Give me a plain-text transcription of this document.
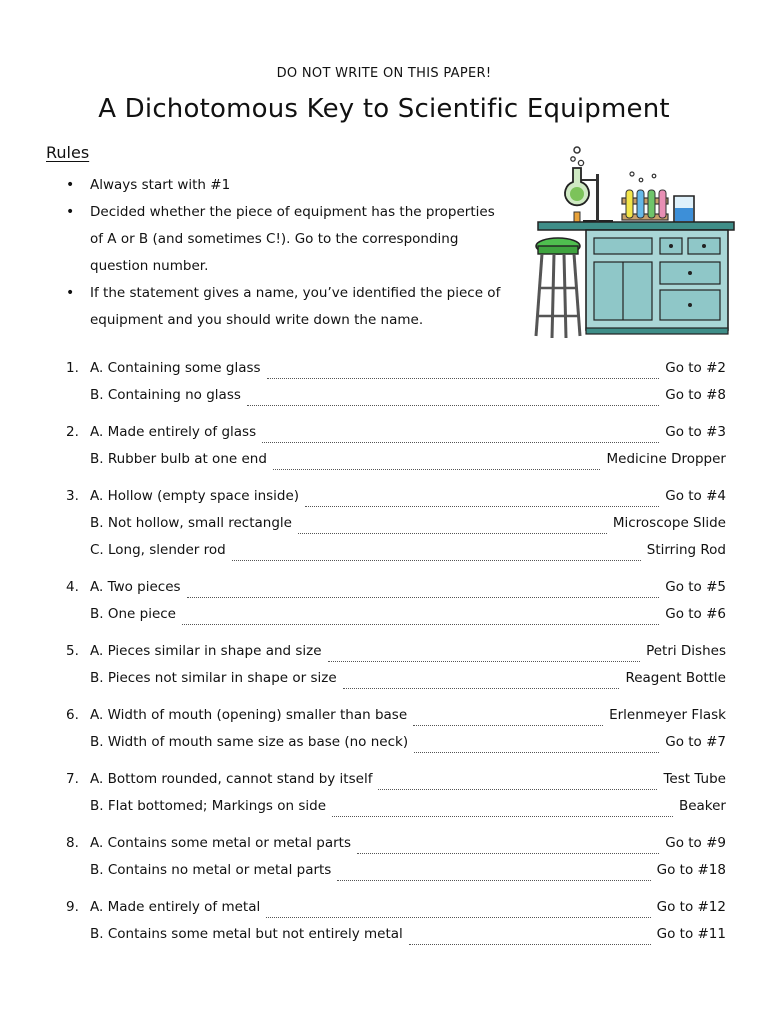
DO NOT WRITE ON THIS PAPER!
A Dichotomous Key to Scientific Equipment
Rules
• Always start with #1
• Decided whether the piece of equipment has the properties of A or B (and sometimes C!). Go to the corresponding question number.
• If the statement gives a name, you’ve identified the piece of equipment and you should write down the name.
1. A. Containing some glass	Go to #2
B. Containing no glass	Go to #8
2. A. Made entirely of glass	Go to #3
B. Rubber bulb at one end	Medicine Dropper
3. A. Hollow (empty space inside)	Go to #4
B. Not hollow, small rectangle	Microscope Slide
C. Long, slender rod	Stirring Rod
4. A. Two pieces	Go to #5
B. One piece	Go to #6
5. A. Pieces similar in shape and size	Petri Dishes
B. Pieces not similar in shape or size	Reagent Bottle
6. A. Width of mouth (opening) smaller than base	Erlenmeyer Flask
B. Width of mouth same size as base (no neck)	Go to #7
7. A. Bottom rounded, cannot stand by itself	Test Tube
B. Flat bottomed; Markings on side	Beaker
8. A. Contains some metal or metal parts	Go to #9
B. Contains no metal or metal parts	Go to #18
9. A. Made entirely of metal	Go to #12
B. Contains some metal but not entirely metal	Go to #11
